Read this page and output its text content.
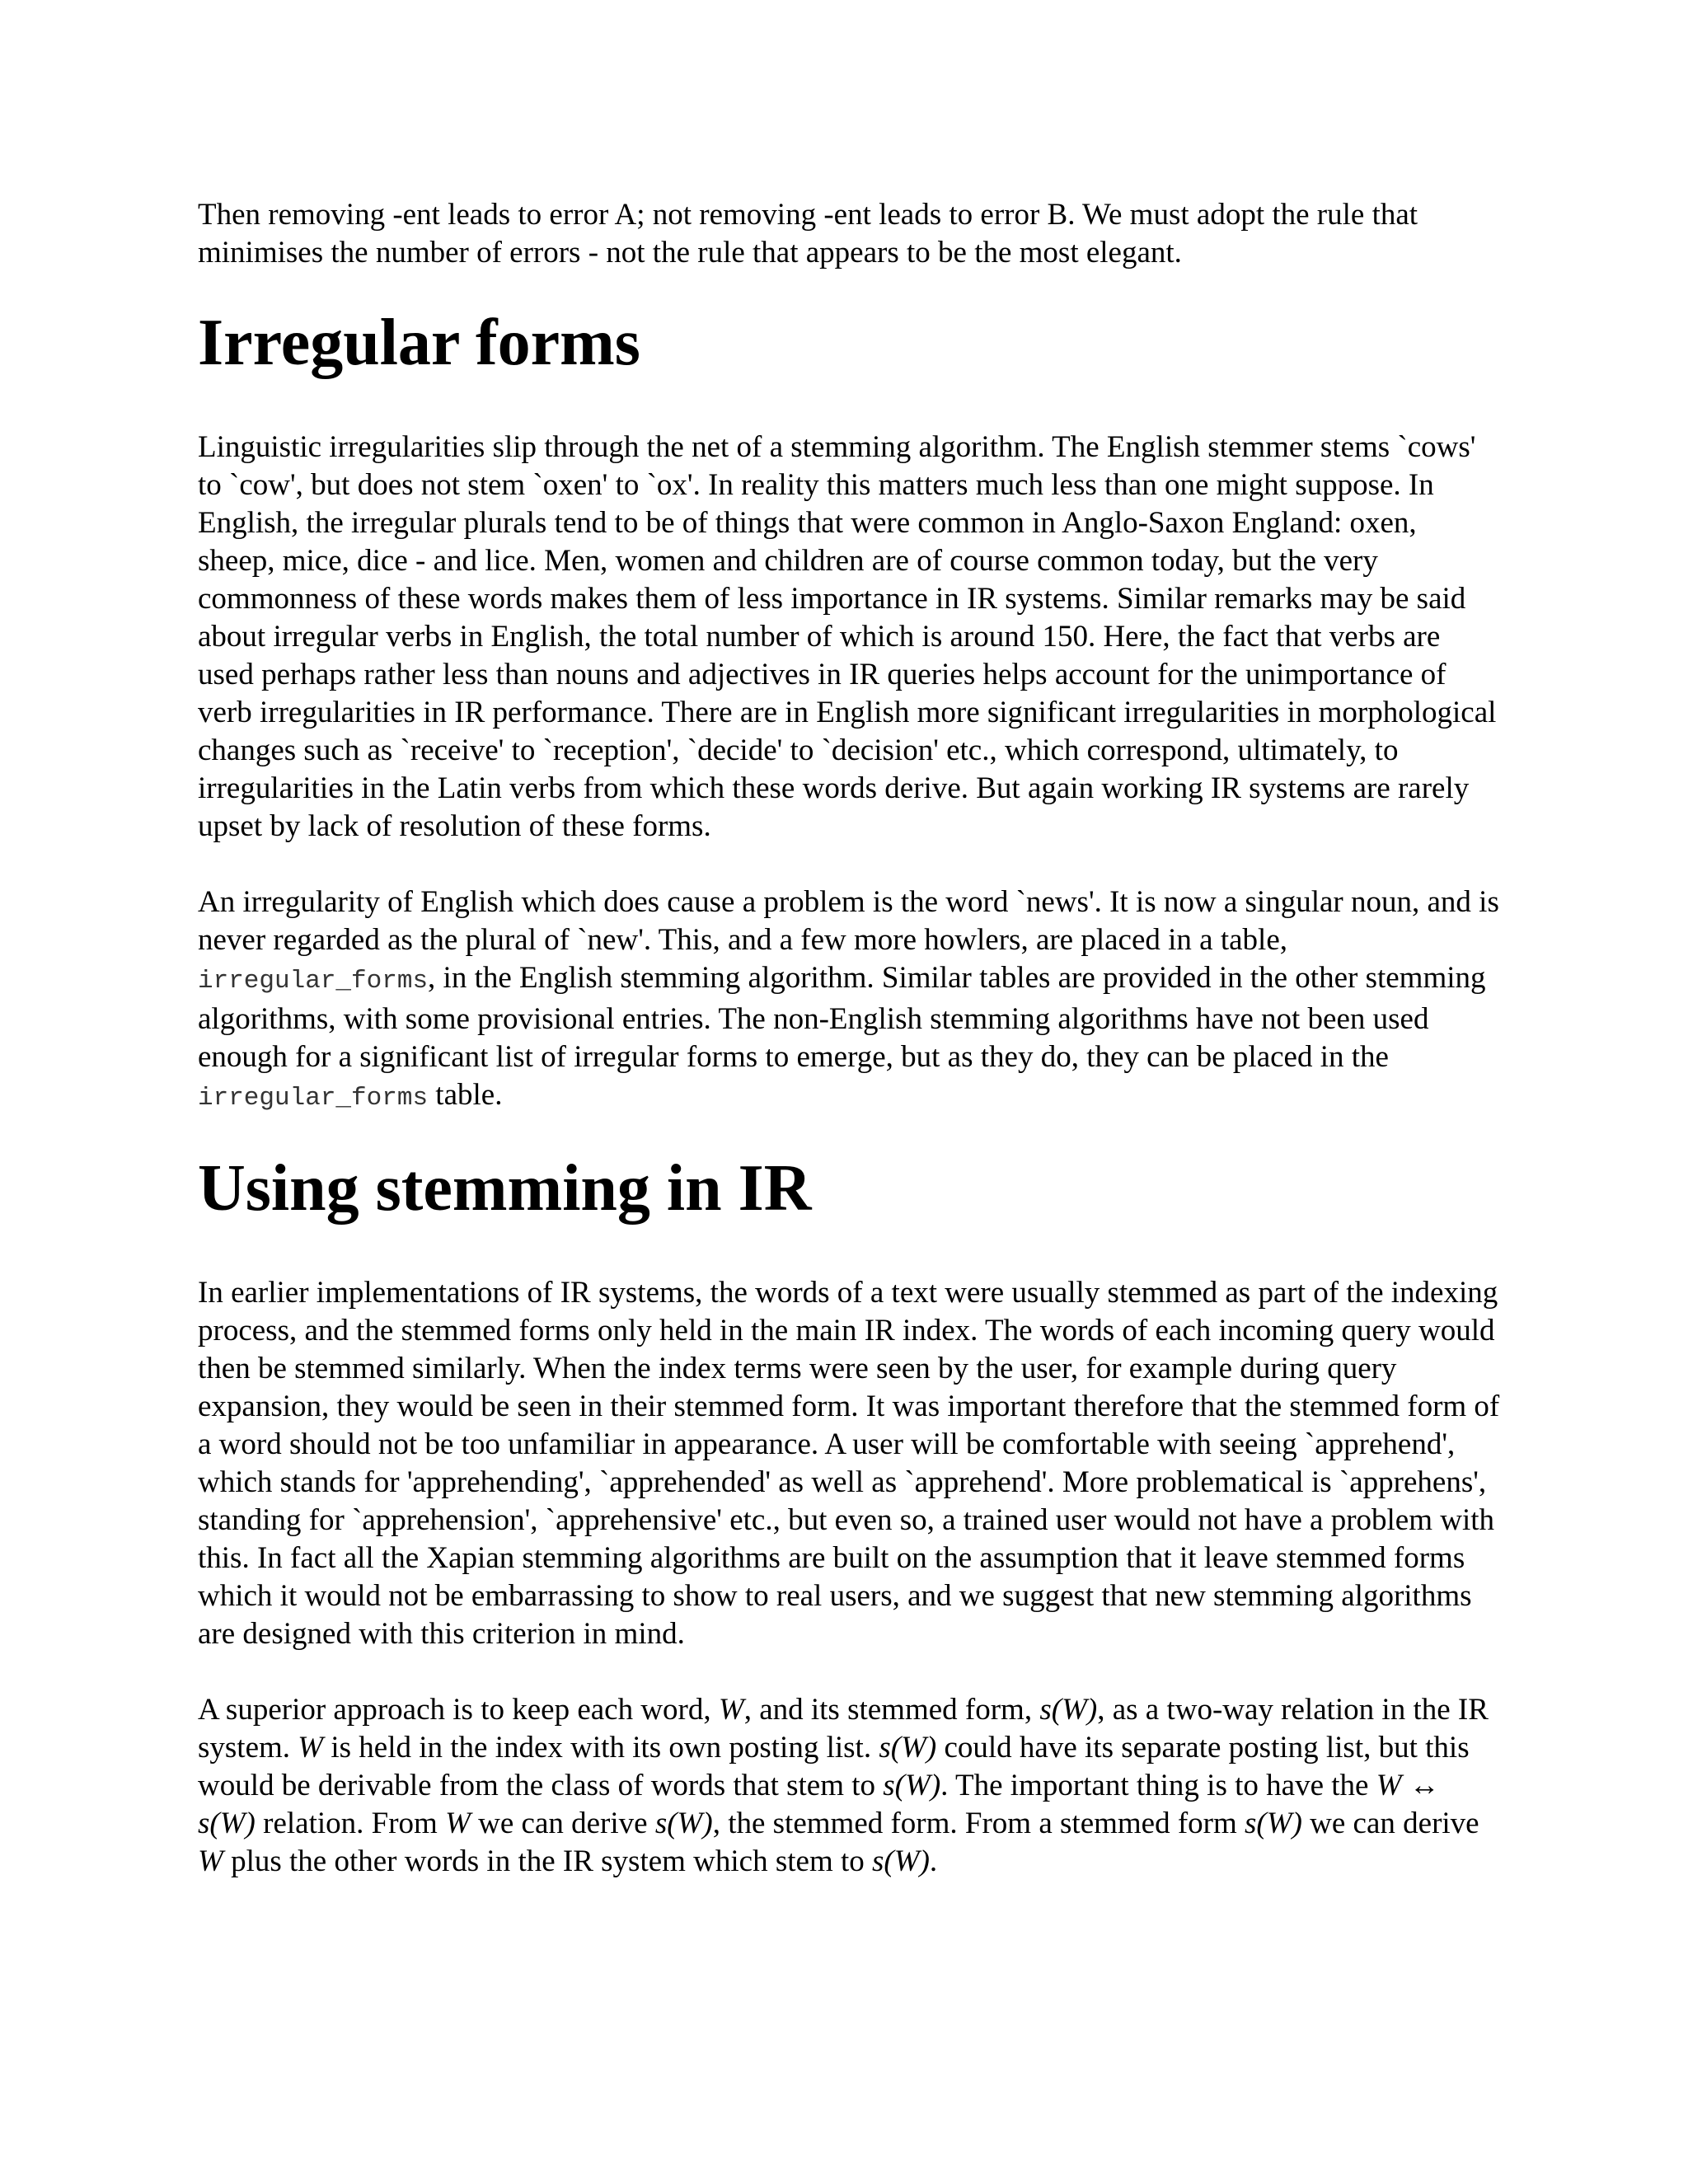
Then removing -ent leads to error A; not removing -ent leads to error B. We must adopt the rule that minimises the number of errors - not the rule that appears to be the most elegant.

Irregular forms

Linguistic irregularities slip through the net of a stemming algorithm. The English stemmer stems `cows' to `cow', but does not stem `oxen' to `ox'. In reality this matters much less than one might suppose. In English, the irregular plurals tend to be of things that were common in Anglo-Saxon England: oxen, sheep, mice, dice - and lice. Men, women and children are of course common today, but the very commonness of these words makes them of less importance in IR systems. Similar remarks may be said about irregular verbs in English, the total number of which is around 150. Here, the fact that verbs are used perhaps rather less than nouns and adjectives in IR queries helps account for the unimportance of verb irregularities in IR performance. There are in English more significant irregularities in morphological changes such as `receive' to `reception', `decide' to `decision' etc., which correspond, ultimately, to irregularities in the Latin verbs from which these words derive. But again working IR systems are rarely upset by lack of resolution of these forms.

An irregularity of English which does cause a problem is the word `news'. It is now a singular noun, and is never regarded as the plural of `new'. This, and a few more howlers, are placed in a table, irregular_forms, in the English stemming algorithm. Similar tables are provided in the other stemming algorithms, with some provisional entries. The non-English stemming algorithms have not been used enough for a significant list of irregular forms to emerge, but as they do, they can be placed in the irregular_forms table.

Using stemming in IR

In earlier implementations of IR systems, the words of a text were usually stemmed as part of the indexing process, and the stemmed forms only held in the main IR index. The words of each incoming query would then be stemmed similarly. When the index terms were seen by the user, for example during query expansion, they would be seen in their stemmed form. It was important therefore that the stemmed form of a word should not be too unfamiliar in appearance. A user will be comfortable with seeing `apprehend', which stands for 'apprehending', `apprehended' as well as `apprehend'. More problematical is `apprehens', standing for `apprehension', `apprehensive' etc., but even so, a trained user would not have a problem with this. In fact all the Xapian stemming algorithms are built on the assumption that it leave stemmed forms which it would not be embarrassing to show to real users, and we suggest that new stemming algorithms are designed with this criterion in mind.

A superior approach is to keep each word, W, and its stemmed form, s(W), as a two-way relation in the IR system. W is held in the index with its own posting list. s(W) could have its separate posting list, but this would be derivable from the class of words that stem to s(W). The important thing is to have the W ↔ s(W) relation. From W we can derive s(W), the stemmed form. From a stemmed form s(W) we can derive W plus the other words in the IR system which stem to s(W).
